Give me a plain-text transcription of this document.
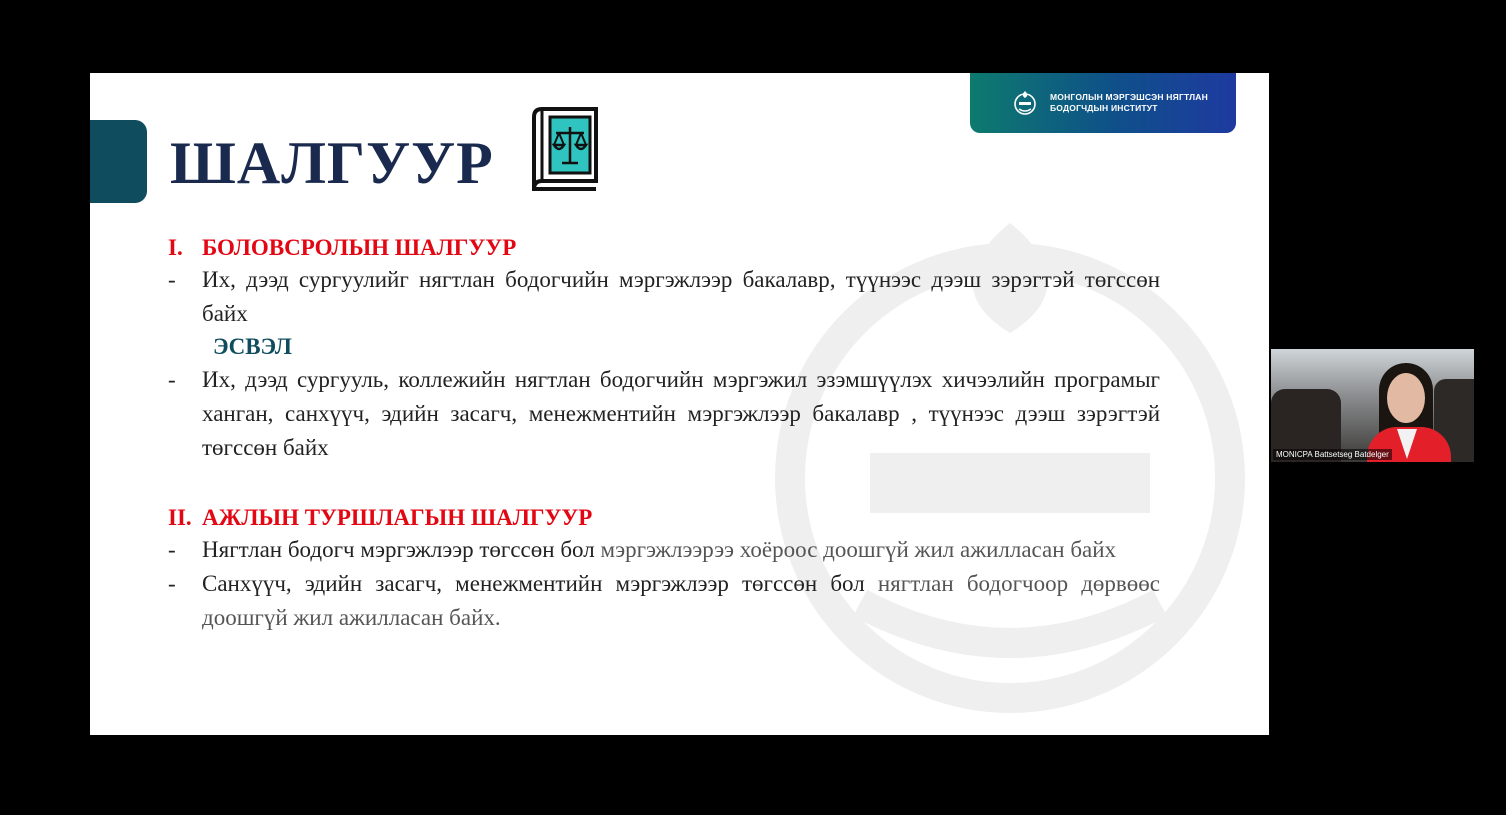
ШАЛГУУР
МОНГОЛЫН МЭРГЭШСЭН НЯГТЛАН
БОДОГЧДЫН ИНСТИТУТ
I. БОЛОВСРОЛЫН ШАЛГУУР
-	Их, дээд сургуулийг нягтлан бодогчийн мэргэжлээр бакалавр, түүнээс дээш зэрэгтэй төгссөн байх
ЭСВЭЛ
-	Их, дээд сургууль, коллежийн нягтлан бодогчийн мэргэжил эзэмшүүлэх хичээлийн програмыг ханган, санхүүч, эдийн засагч, менежментийн мэргэжлээр бакалавр , түүнээс дээш зэрэгтэй төгссөн байх
II. АЖЛЫН ТУРШЛАГЫН ШАЛГУУР
-	Нягтлан бодогч мэргэжлээр төгссөн бол мэргэжлээрээ хоёроос доошгүй жил ажилласан байх
-	Санхүүч, эдийн засагч, менежментийн мэргэжлээр төгссөн бол нягтлан бодогчоор дөрвөөс доошгүй жил ажилласан байх.
MONICPA Battsetseg Batdelger
